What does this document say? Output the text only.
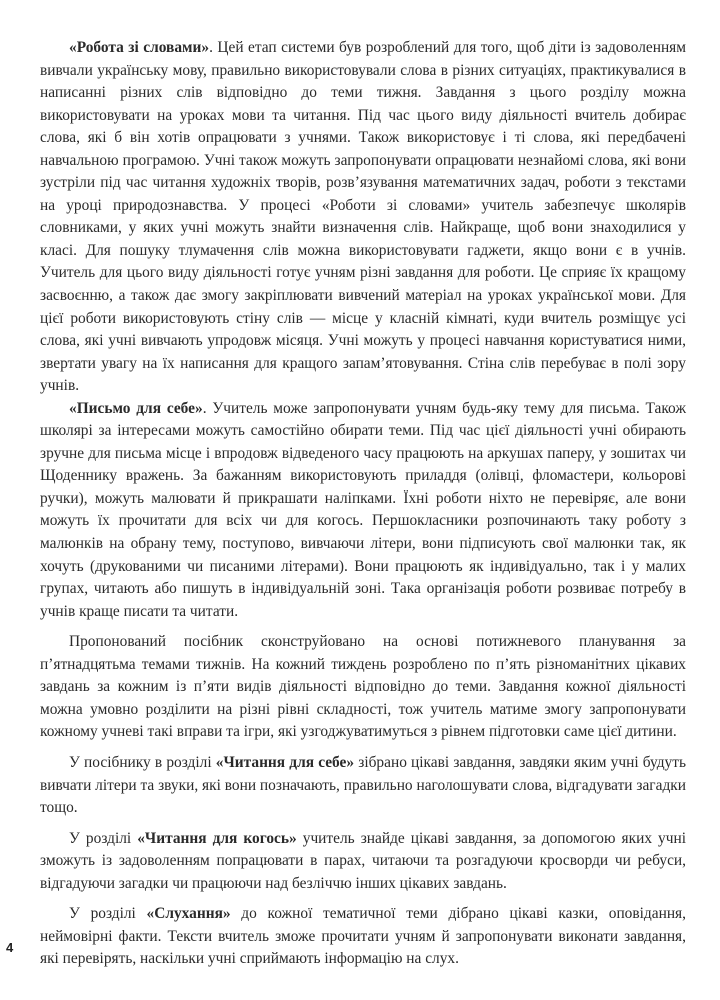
«Робота зі словами». Цей етап системи був розроблений для того, щоб діти із задоволенням вивчали українську мову, правильно використовували слова в різних ситуаціях, практикувалися в написанні різних слів відповідно до теми тижня. Завдання з цього розділу можна використовувати на уроках мови та читання. Під час цього виду діяльності вчитель добирає слова, які б він хотів опрацювати з учнями. Також використовує і ті слова, які передбачені навчальною програмою. Учні також можуть запропонувати опрацювати незнайомі слова, які вони зустріли під час читання художніх творів, розв’язування математичних задач, роботи з текстами на уроці природознавства. У процесі «Роботи зі словами» учитель забезпечує школярів словниками, у яких учні можуть знайти визначення слів. Найкраще, щоб вони знаходилися у класі. Для пошуку тлумачення слів можна використовувати гаджети, якщо вони є в учнів. Учитель для цього виду діяльності готує учням різні завдання для роботи. Це сприяє їх кращому засвоєнню, а також дає змогу закріплювати вивчений матеріал на уроках української мови. Для цієї роботи використовують стіну слів — місце у класній кімнаті, куди вчитель розміщує усі слова, які учні вивчають упродовж місяця. Учні можуть у процесі навчання користуватися ними, звертати увагу на їх написання для кращого запам’ятовування. Стіна слів перебуває в полі зору учнів.

«Письмо для себе». Учитель може запропонувати учням будь-яку тему для письма. Також школярі за інтересами можуть самостійно обирати теми. Під час цієї діяльності учні обирають зручне для письма місце і впродовж відведеного часу працюють на аркушах паперу, у зошитах чи Щоденнику вражень. За бажанням використовують приладдя (олівці, фломастери, кольорові ручки), можуть малювати й прикрашати наліпками. Їхні роботи ніхто не перевіряє, але вони можуть їх прочитати для всіх чи для когось. Першокласники розпочинають таку роботу з малюнків на обрану тему, поступово, вивчаючи літери, вони підписують свої малюнки так, як хочуть (друкованими чи писаними літерами). Вони працюють як індивідуально, так і у малих групах, читають або пишуть в індивідуальній зоні. Така організація роботи розвиває потребу в учнів краще писати та читати.

Пропонований посібник сконструйовано на основі потижневого планування за п’ятнадцятьма темами тижнів. На кожний тиждень розроблено по п’ять різноманітних цікавих завдань за кожним із п’яти видів діяльності відповідно до теми. Завдання кожної діяльності можна умовно розділити на різні рівні складності, тож учитель матиме змогу запропонувати кожному учневі такі вправи та ігри, які узгоджуватимуться з рівнем підготовки саме цієї дитини.

У посібнику в розділі «Читання для себе» зібрано цікаві завдання, завдяки яким учні будуть вивчати літери та звуки, які вони позначають, правильно наголошувати слова, відгадувати загадки тощо.

У розділі «Читання для когось» учитель знайде цікаві завдання, за допомогою яких учні зможуть із задоволенням попрацювати в парах, читаючи та розгадуючи кросворди чи ребуси, відгадуючи загадки чи працюючи над безліччю інших цікавих завдань.

У розділі «Слухання» до кожної тематичної теми дібрано цікаві казки, оповідання, неймовірні факти. Тексти вчитель зможе прочитати учням й запропонувати виконати завдання, які перевірять, наскільки учні сприймають інформацію на слух.

4
